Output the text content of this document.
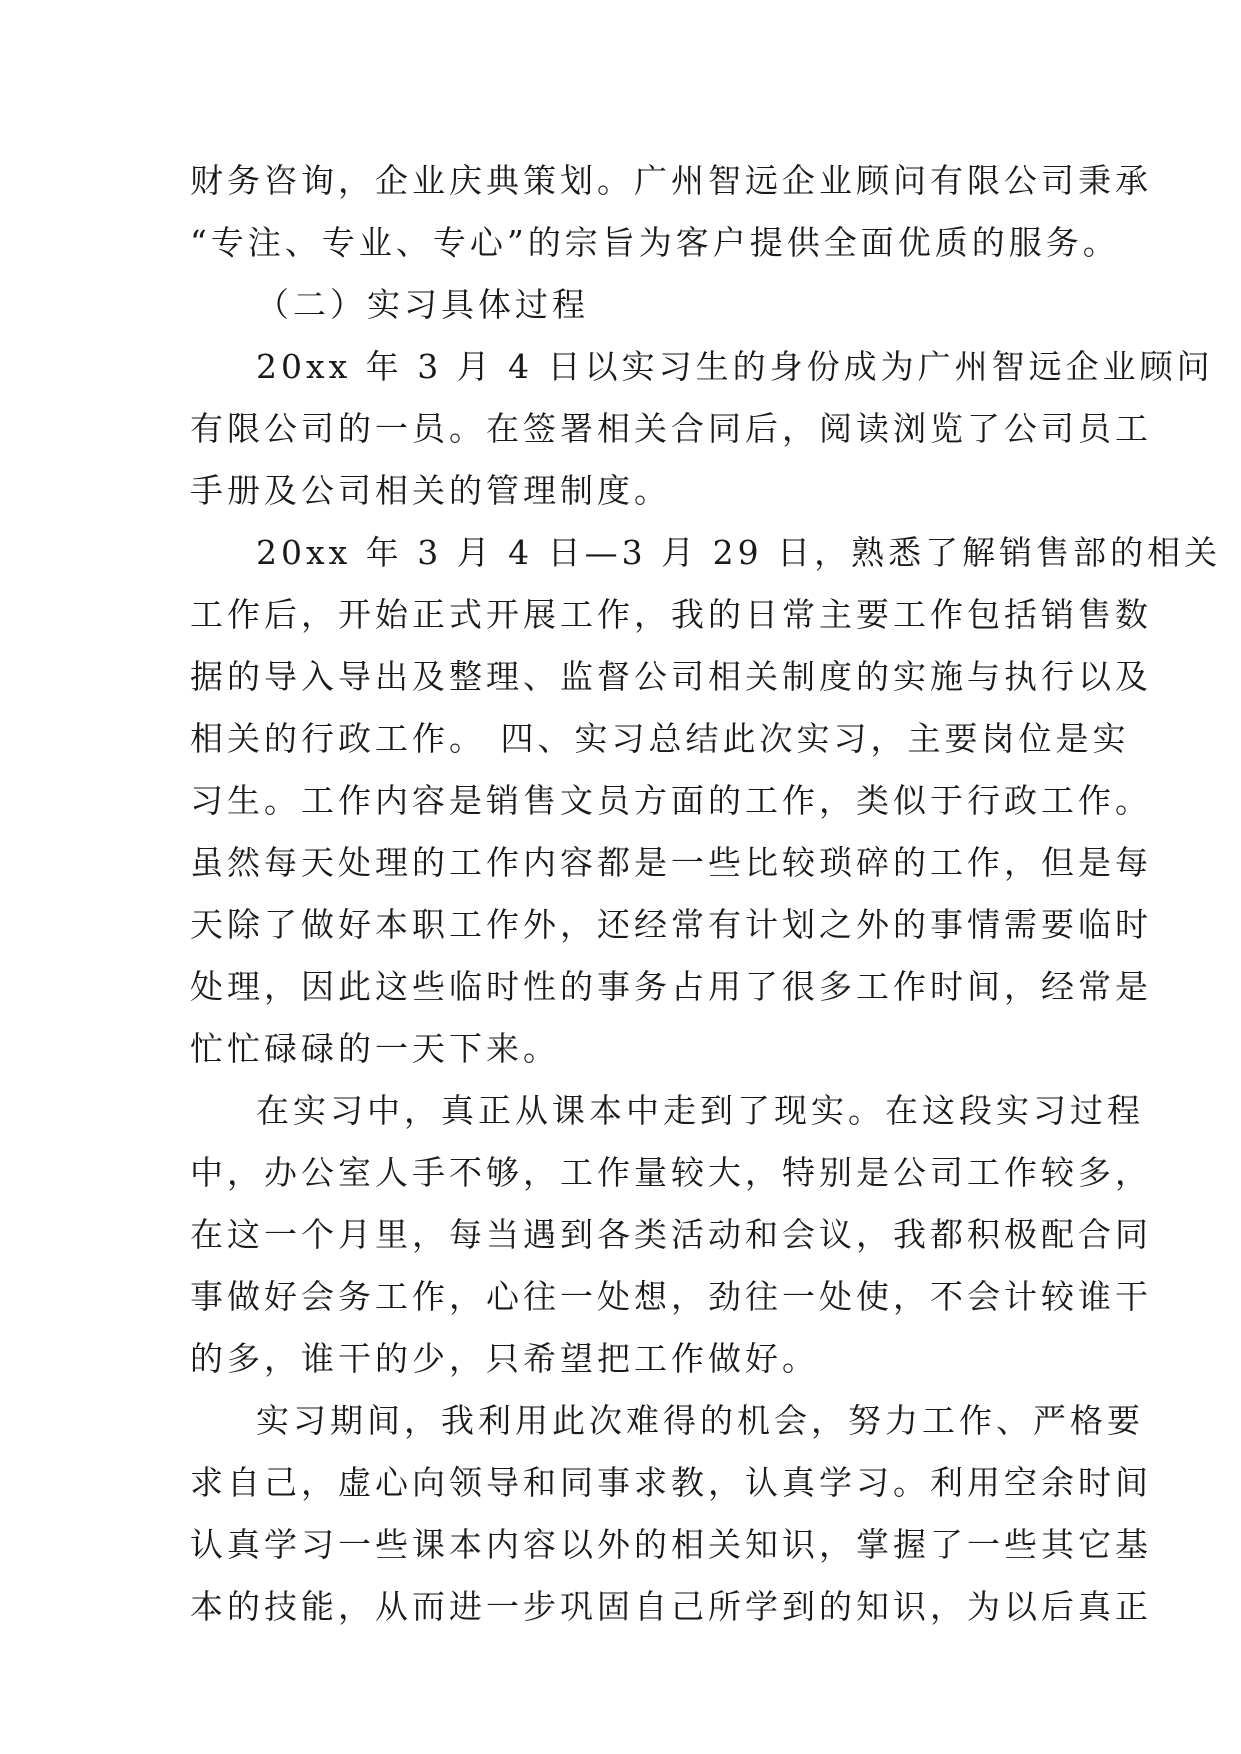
财务咨询，企业庆典策划。广州智远企业顾问有限公司秉承
“专注、专业、专心”的宗旨为客户提供全面优质的服务。
（二）实习具体过程
20xx 年 3 月 4 日以实习生的身份成为广州智远企业顾问
有限公司的一员。在签署相关合同后，阅读浏览了公司员工
手册及公司相关的管理制度。
20xx 年 3 月 4 日—3 月 29 日，熟悉了解销售部的相关
工作后，开始正式开展工作，我的日常主要工作包括销售数
据的导入导出及整理、监督公司相关制度的实施与执行以及
相关的行政工作。 四、实习总结此次实习，主要岗位是实
习生。工作内容是销售文员方面的工作，类似于行政工作。
虽然每天处理的工作内容都是一些比较琐碎的工作，但是每
天除了做好本职工作外，还经常有计划之外的事情需要临时
处理，因此这些临时性的事务占用了很多工作时间，经常是
忙忙碌碌的一天下来。
在实习中，真正从课本中走到了现实。在这段实习过程
中，办公室人手不够，工作量较大，特别是公司工作较多，
在这一个月里，每当遇到各类活动和会议，我都积极配合同
事做好会务工作，心往一处想，劲往一处使，不会计较谁干
的多，谁干的少，只希望把工作做好。
实习期间，我利用此次难得的机会，努力工作、严格要
求自己，虚心向领导和同事求教，认真学习。利用空余时间
认真学习一些课本内容以外的相关知识，掌握了一些其它基
本的技能，从而进一步巩固自己所学到的知识，为以后真正
